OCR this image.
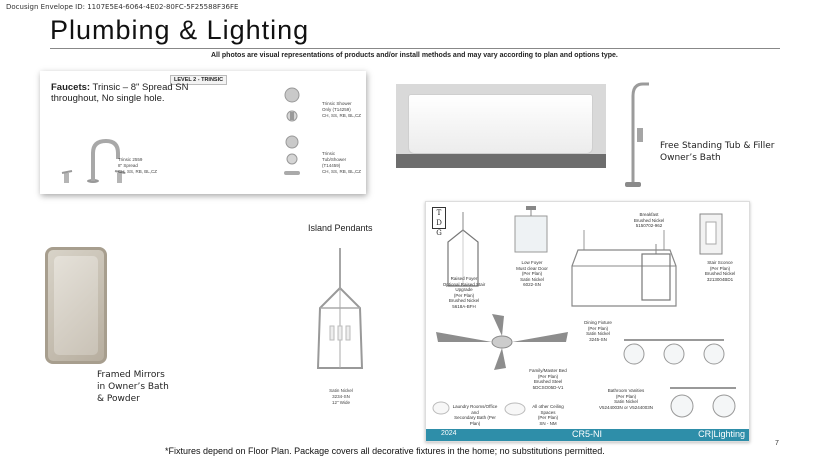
Docusign Envelope ID: 1107E5E4-6064-4E02-80FC-5F25588F36FE
Plumbing & Lighting
All photos are visual representations of products and/or install methods and may vary according to plan and options type.
LEVEL 2 - TRINSIC
Faucets: Trinsic – 8" Spread SN throughout, No single hole.
Trinsic 2559
8" Spread
CH, SS, RB, BL,CZ
Trinsic Shower
Only (T14259)
CH, SS, RB, BL,CZ
Trinsic
Tub/Shower
(T14459)
CH, SS, RB, BL,CZ
Free Standing Tub & Filler Owner’s Bath
Island Pendants
Satin Nickel
3234-SN
12" Wide
T D G
Raised Foyer
Optional Raised Stair Upgrade
(Per Plan)
Brushed Nickel
5618A-BFH
Low Foyer
Must clear Door
(Per Plan)
Satin Nickel
6022-SN
Breakfast
Brushed Nickel
5150702-962
Dining Fixture
(Per Plan)
Satin Nickel
3245-SN
Stair Sconce
(Per Plan)
Brushed Nickel
3213004BD1
Family/Master Bed
(Per Plan)
Brushed Steel
5DCSO05D-V1
Bathroom Vanities
(Per Plan)
Satin Nickel
V5244003N or V5244003N
Laundry Rooms/Office and
Secondary Bath (Per Plan)
All other Ceiling Spaces
(Per Plan)
SN - NM
2024	CR5-NI	CR|Lighting
Framed Mirrors in Owner’s Bath & Powder
*Fixtures depend on Floor Plan. Package covers all decorative fixtures in the home; no substitutions permitted.
7
